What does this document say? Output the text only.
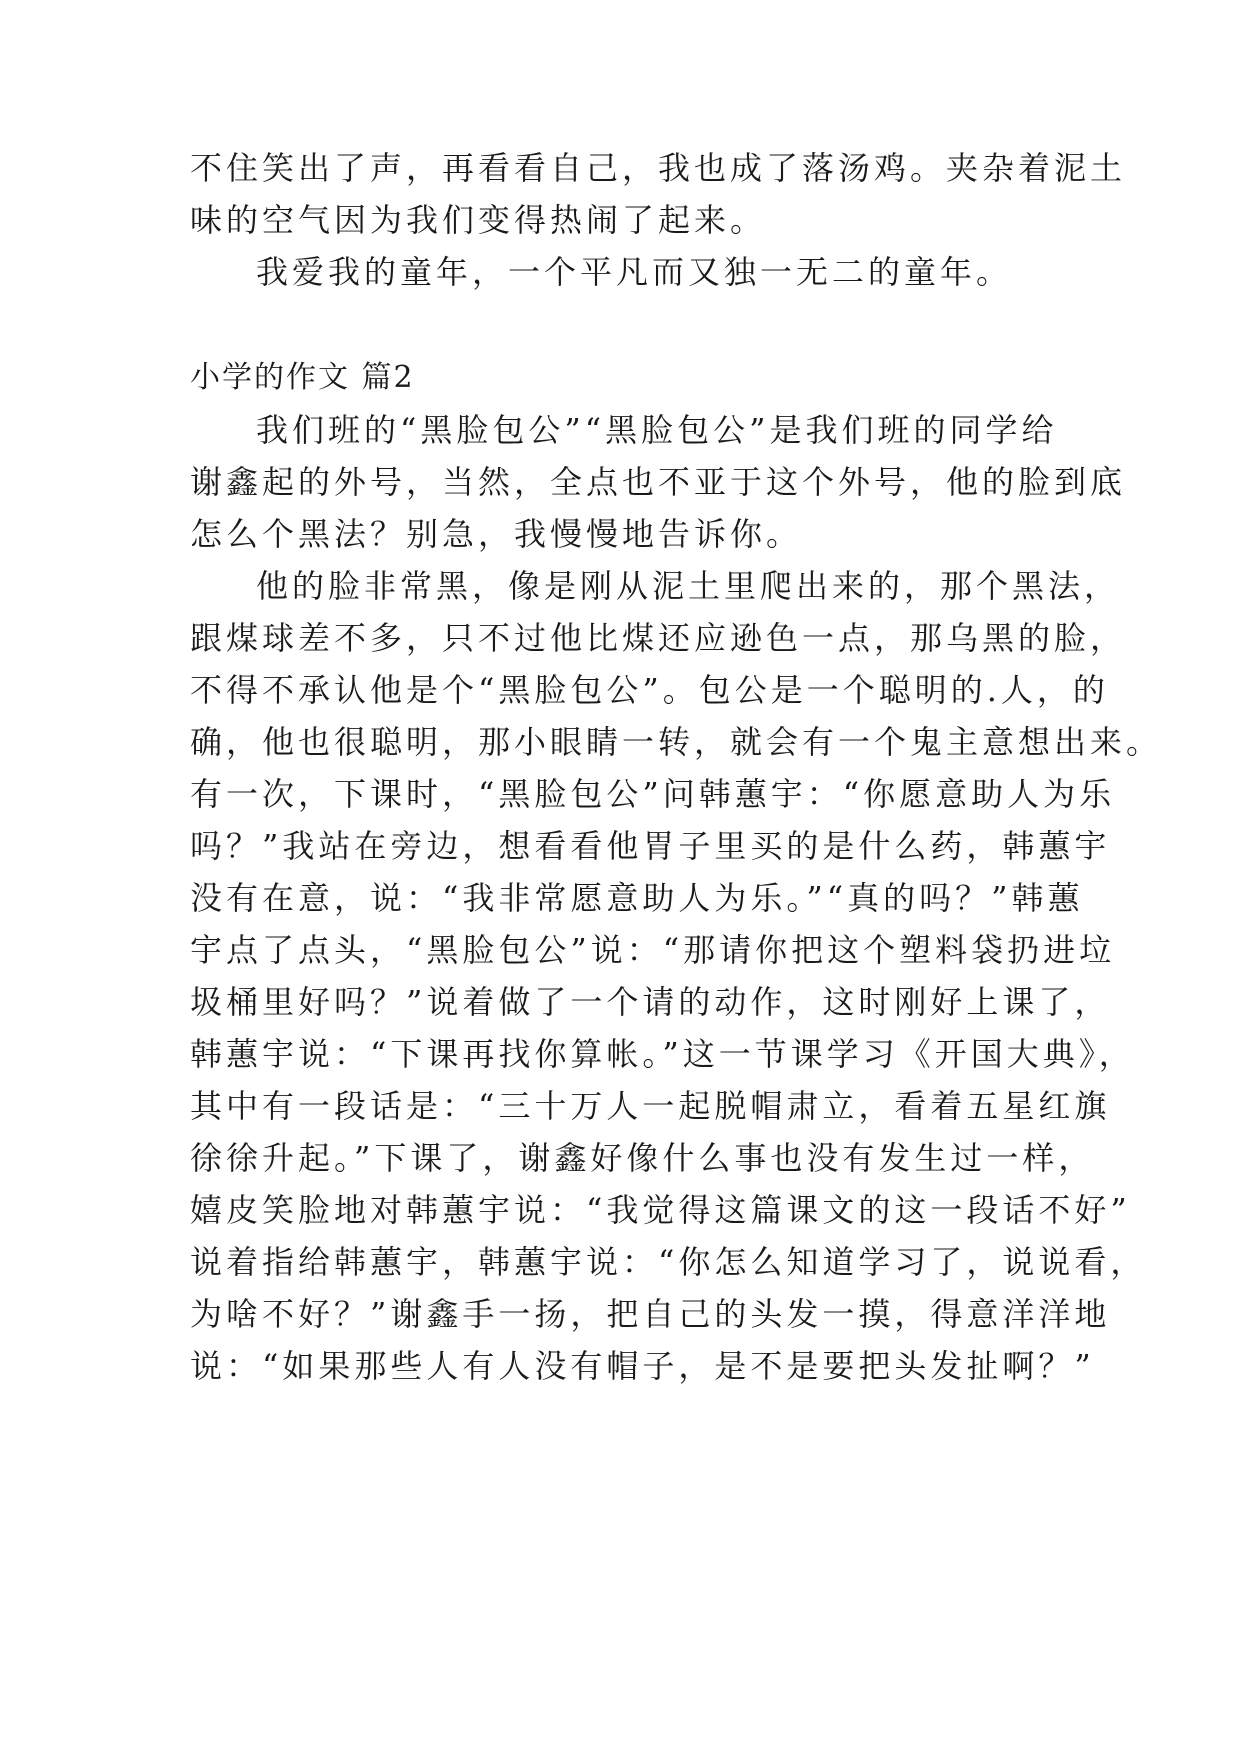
不住笑出了声，再看看自己，我也成了落汤鸡。夹杂着泥土
味的空气因为我们变得热闹了起来。
我爱我的童年，一个平凡而又独一无二的童年。
小学的作文 篇2
我们班的“黑脸包公”“黑脸包公”是我们班的同学给
谢鑫起的外号，当然，全点也不亚于这个外号，他的脸到底
怎么个黑法？别急，我慢慢地告诉你。
他的脸非常黑，像是刚从泥土里爬出来的，那个黑法，
跟煤球差不多，只不过他比煤还应逊色一点，那乌黑的脸，
不得不承认他是个“黑脸包公”。包公是一个聪明的.人，的
确，他也很聪明，那小眼睛一转，就会有一个鬼主意想出来。
有一次，下课时，“黑脸包公”问韩蕙宇：“你愿意助人为乐
吗？”我站在旁边，想看看他胃子里买的是什么药，韩蕙宇
没有在意，说：“我非常愿意助人为乐。”“真的吗？”韩蕙
宇点了点头，“黑脸包公”说：“那请你把这个塑料袋扔进垃
圾桶里好吗？”说着做了一个请的动作，这时刚好上课了，
韩蕙宇说：“下课再找你算帐。”这一节课学习《开国大典》，
其中有一段话是：“三十万人一起脱帽肃立，看着五星红旗
徐徐升起。”下课了，谢鑫好像什么事也没有发生过一样，
嬉皮笑脸地对韩蕙宇说：“我觉得这篇课文的这一段话不好”
说着指给韩蕙宇，韩蕙宇说：“你怎么知道学习了，说说看，
为啥不好？”谢鑫手一扬，把自己的头发一摸，得意洋洋地
说：“如果那些人有人没有帽子，是不是要把头发扯啊？”
